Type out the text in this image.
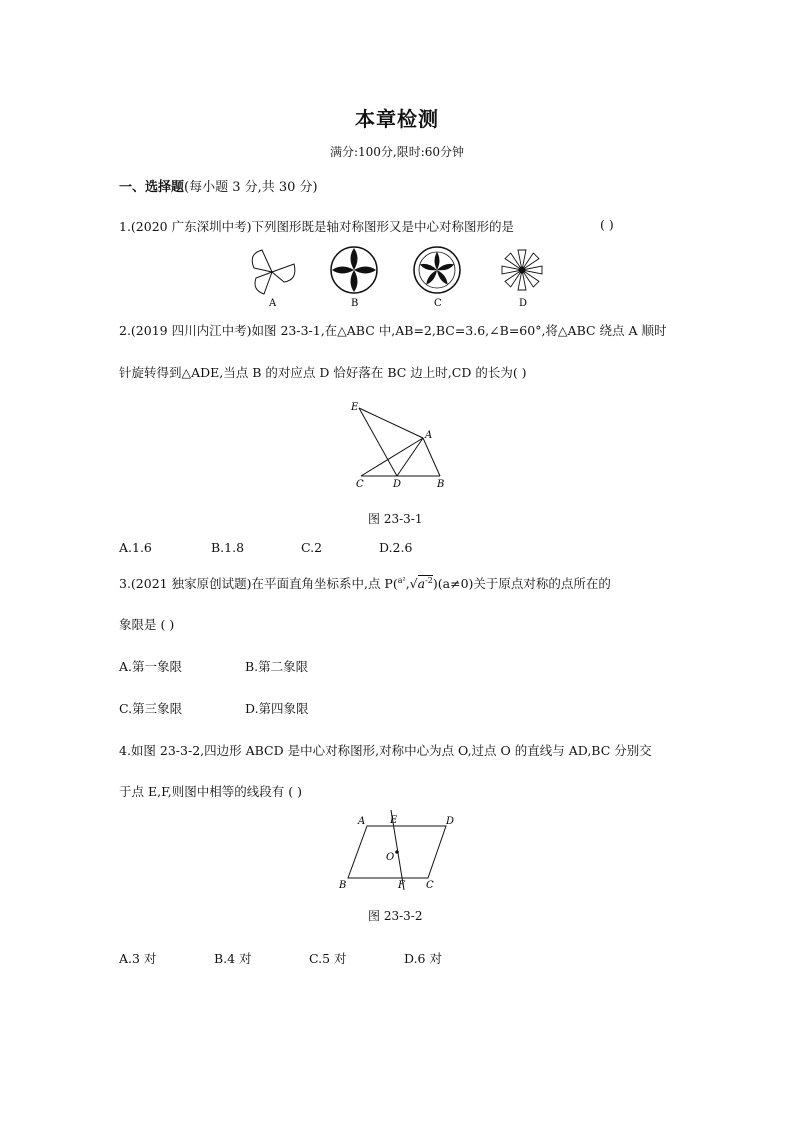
本章检测
满分:100分,限时:60分钟
一、选择题(每小题 3 分,共 30 分)
1.(2020 广东深圳中考)下列图形既是轴对称图形又是中心对称图形的是	( )
A	B	C	D
2.(2019 四川内江中考)如图 23-3-1,在△ABC 中,AB=2,BC=3.6,∠B=60°,将△ABC 绕点 A 顺时
针旋转得到△ADE,当点 B 的对应点 D 恰好落在 BC 边上时,CD 的长为( )
E
A
C	D	B
图 23-3-1
A.1.6	B.1.8	C.2	D.2.6
3.(2021 独家原创试题)在平面直角坐标系中,点 $P(^{a^2},√a^{-2})(a\ne 0)$关于原点对称的点所在的
象限是 ( )
A.第一象限	B.第二象限
C.第三象限	D.第四象限
4.如图 23-3-2,四边形 ABCD 是中心对称图形,对称中心为点 O,过点 O 的直线与 AD,BC 分别交
于点 E,F,则图中相等的线段有 ( )
A E	D
O
B	F C
图 23-3-2
A.3 对	B.4 对	C.5 对	D.6 对
